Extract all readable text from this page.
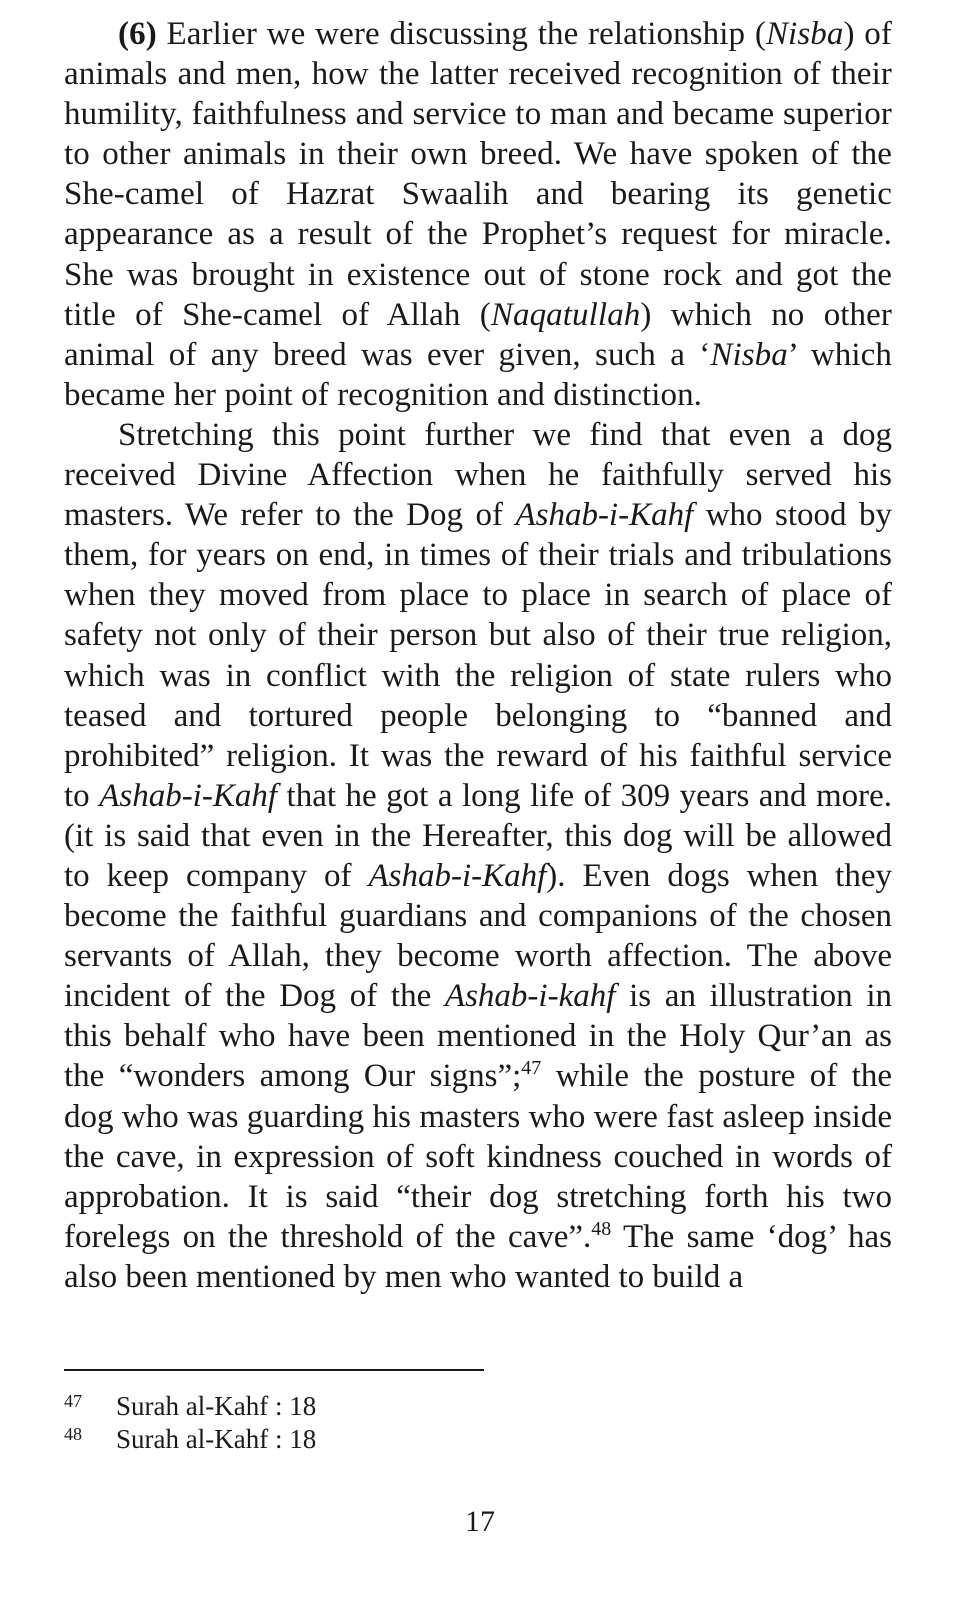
(6) Earlier we were discussing the relationship (Nisba) of animals and men, how the latter received recognition of their humility, faithfulness and service to man and became superior to other animals in their own breed. We have spoken of the She-camel of Hazrat Swaalih and bearing its genetic appearance as a result of the Prophet’s request for miracle. She was brought in existence out of stone rock and got the title of She-camel of Allah (Naqatullah) which no other animal of any breed was ever given, such a ‘Nisba’ which became her point of recognition and distinction.

Stretching this point further we find that even a dog received Divine Affection when he faithfully served his masters. We refer to the Dog of Ashab-i-Kahf who stood by them, for years on end, in times of their trials and tribulations when they moved from place to place in search of place of safety not only of their person but also of their true religion, which was in conflict with the religion of state rulers who teased and tortured people belonging to “banned and prohibited” religion. It was the reward of his faithful service to Ashab-i-Kahf that he got a long life of 309 years and more. (it is said that even in the Hereafter, this dog will be allowed to keep company of Ashab-i-Kahf). Even dogs when they become the faithful guardians and companions of the chosen servants of Allah, they become worth affection. The above incident of the Dog of the Ashab-i-kahf is an illustration in this behalf who have been mentioned in the Holy Qur’an as the “wonders among Our signs”;$^{47}$ while the posture of the dog who was guarding his masters who were fast asleep inside the cave, in expression of soft kindness couched in words of approbation. It is said “their dog stretching forth his two forelegs on the threshold of the cave”.$^{48}$ The same ‘dog’ has also been mentioned by men who wanted to build a

47	Surah al-Kahf : 18
48	Surah al-Kahf : 18
17
